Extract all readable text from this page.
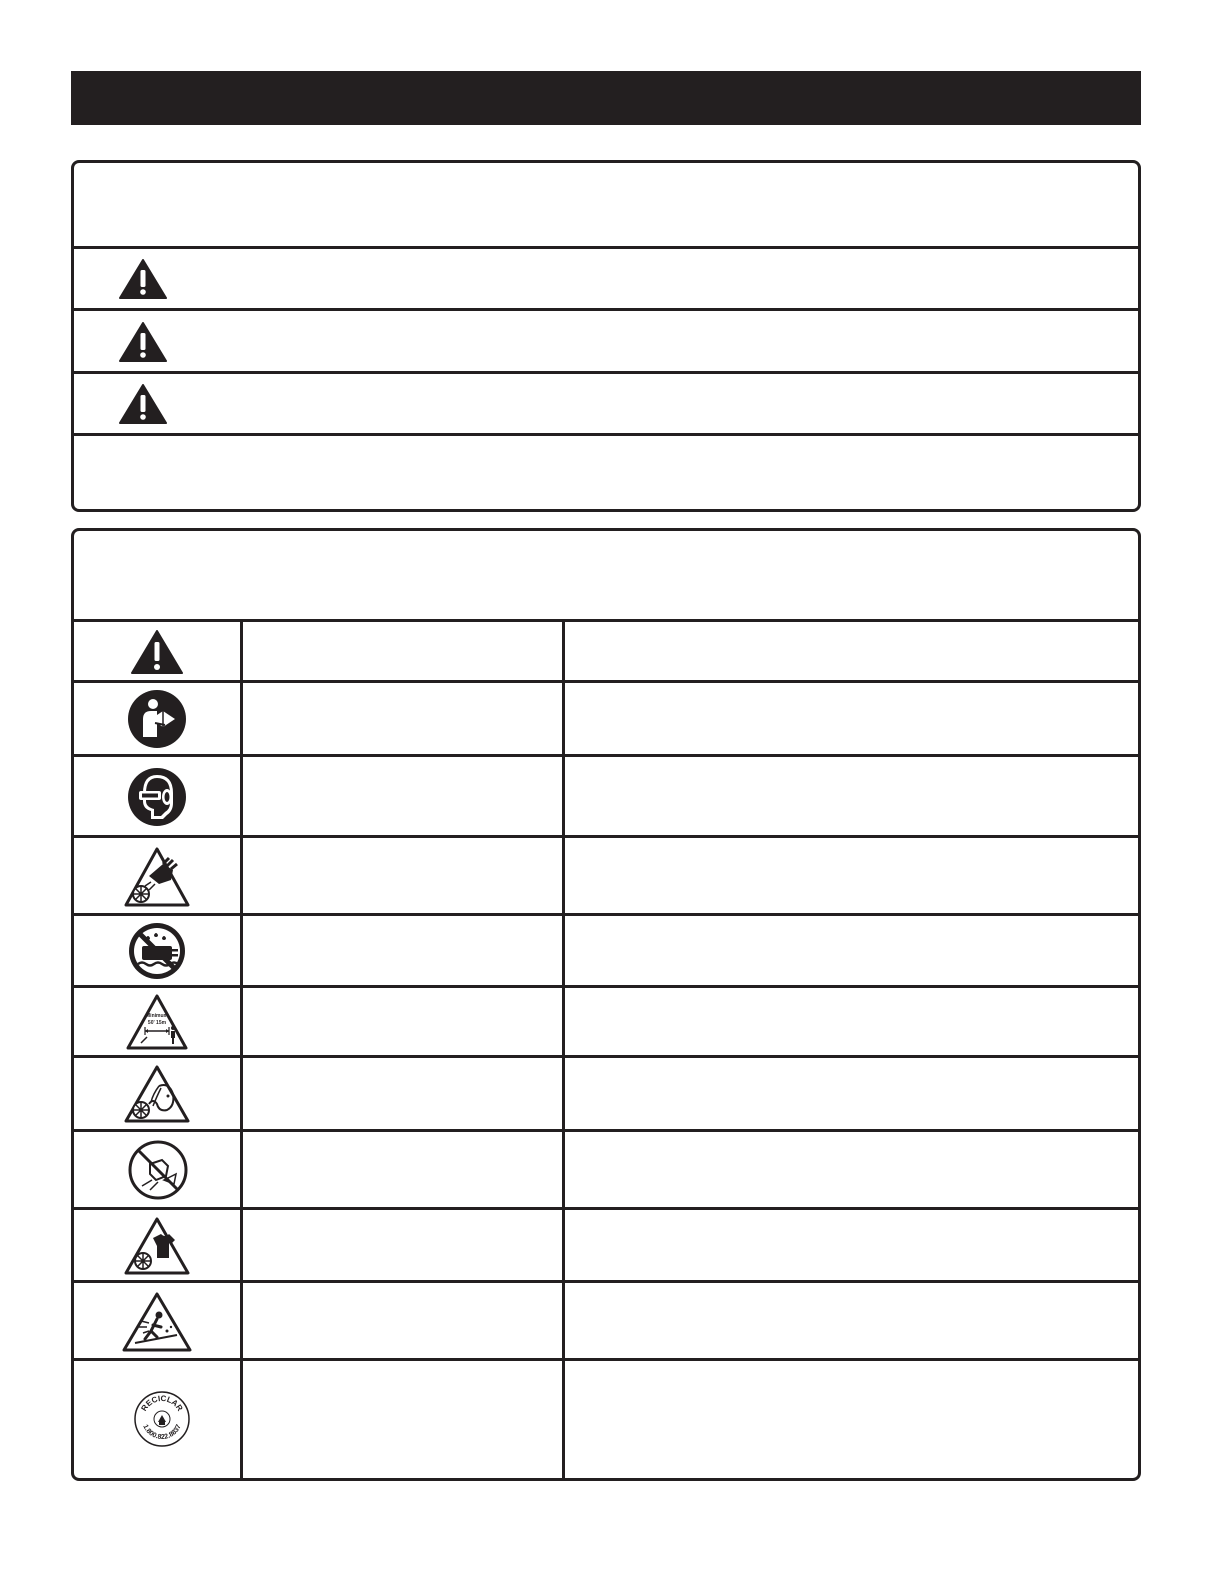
Minimum
50' 15m
RECICLAR
1.800.822.8837
